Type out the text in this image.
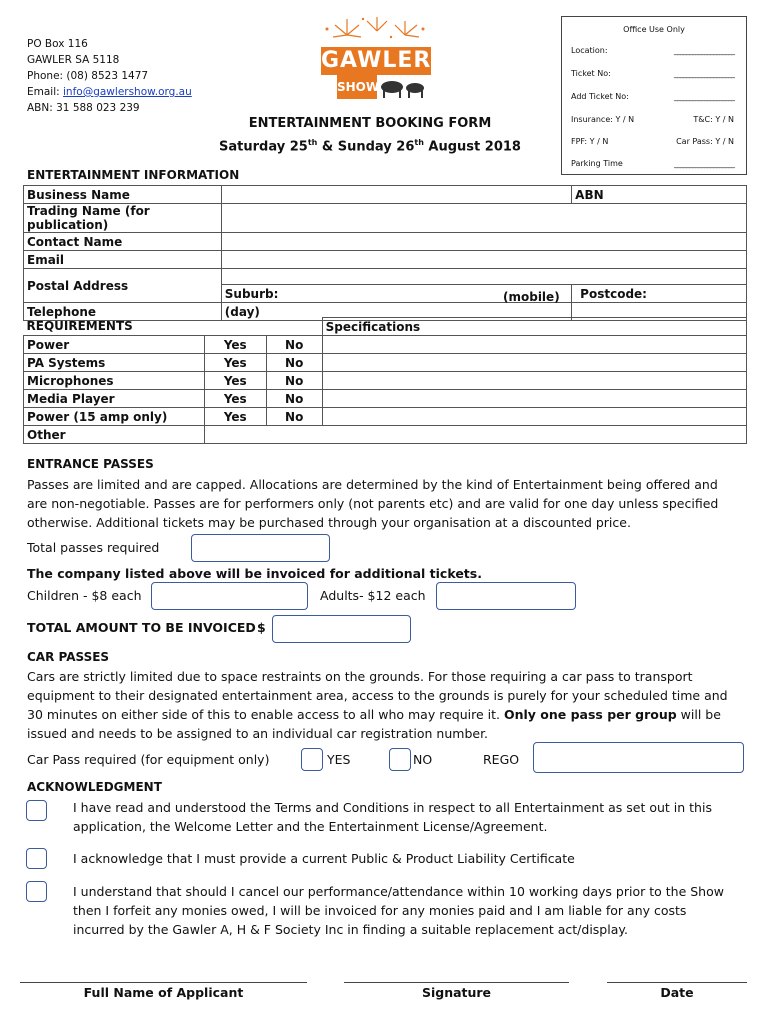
PO Box 116
GAWLER SA 5118
Phone: (08) 8523 1477
Email: info@gawlershow.org.au
ABN: 31 588 023 239
GAWLER
SHOW
Office Use Only
Location:	____________________
Ticket No:	____________________
Add Ticket No:	____________________
Insurance: Y / N	T&C: Y / N
FPF: Y / N	Car Pass: Y / N
Parking Time	____________________
ENTERTAINMENT BOOKING FORM
Saturday 25th & Sunday 26th August 2018
ENTERTAINMENT INFORMATION
Business Name		ABN
Trading Name (for publication)		
Contact Name		
Email		
Postal Address		
	Suburb:	Postcode:
Telephone	(day)	
(mobile)
REQUIREMENTS			Specifications
Power	Yes	No	
PA Systems	Yes	No	
Microphones	Yes	No	
Media Player	Yes	No	
Power (15 amp only)	Yes	No	
Other			
ENTRANCE PASSES
Passes are limited and are capped. Allocations are determined by the kind of Entertainment being offered and are non-negotiable. Passes are for performers only (not parents etc) and are valid for one day unless specified otherwise. Additional tickets may be purchased through your organisation at a discounted price.
Total passes required
The company listed above will be invoiced for additional tickets.
Children - $8 each	Adults- $12 each
TOTAL AMOUNT TO BE INVOICED $
CAR PASSES
Cars are strictly limited due to space restraints on the grounds. For those requiring a car pass to transport equipment to their designated entertainment area, access to the grounds is purely for your scheduled time and 30 minutes on either side of this to enable access to all who may require it. Only one pass per group will be issued and needs to be assigned to an individual car registration number.
Car Pass required (for equipment only)	YES	NO	REGO
ACKNOWLEDGMENT
I have read and understood the Terms and Conditions in respect to all Entertainment as set out in this application, the Welcome Letter and the Entertainment License/Agreement.
I acknowledge that I must provide a current Public & Product Liability Certificate
I understand that should I cancel our performance/attendance within 10 working days prior to the Show then I forfeit any monies owed, I will be invoiced for any monies paid and I am liable for any costs incurred by the Gawler A, H & F Society Inc in finding a suitable replacement act/display.
Full Name of Applicant	Signature	Date
